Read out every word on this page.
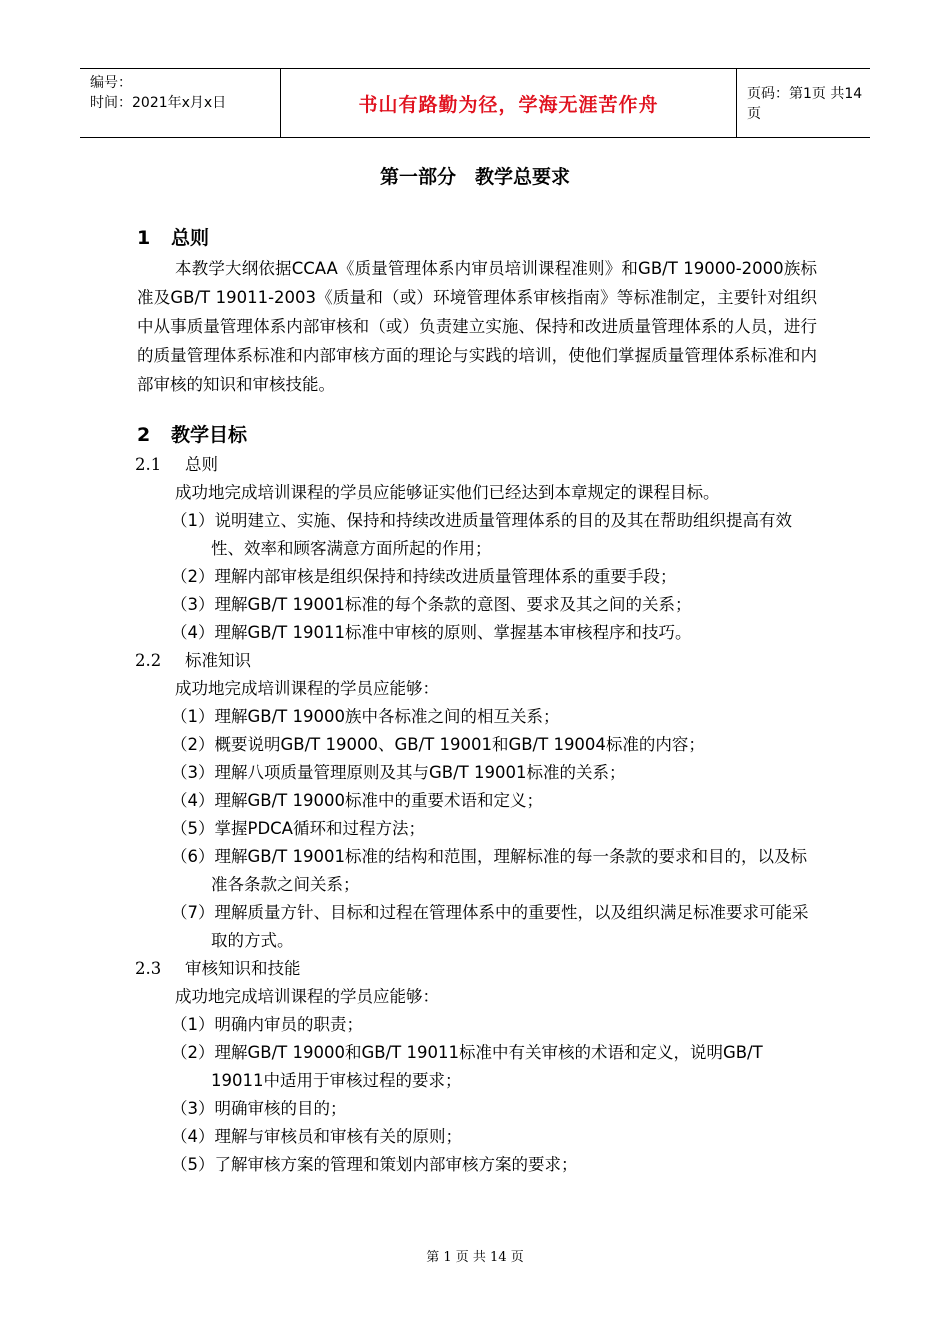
编号：
时间：2021年x月x日	书山有路勤为径，学海无涯苦作舟	页码：第1页 共14页
第一部分　教学总要求
1 总则
本教学大纲依据CCAA《质量管理体系内审员培训课程准则》和GB/T 19000-2000族标准及GB/T 19011-2003《质量和（或）环境管理体系审核指南》等标准制定，主要针对组织中从事质量管理体系内部审核和（或）负责建立实施、保持和改进质量管理体系的人员，进行的质量管理体系标准和内部审核方面的理论与实践的培训，使他们掌握质量管理体系标准和内部审核的知识和审核技能。
2 教学目标
2.1 总则
成功地完成培训课程的学员应能够证实他们已经达到本章规定的课程目标。
（1）说明建立、实施、保持和持续改进质量管理体系的目的及其在帮助组织提高有效性、效率和顾客满意方面所起的作用；
（2）理解内部审核是组织保持和持续改进质量管理体系的重要手段；
（3）理解GB/T 19001标准的每个条款的意图、要求及其之间的关系；
（4）理解GB/T 19011标准中审核的原则、掌握基本审核程序和技巧。
2.2 标准知识
成功地完成培训课程的学员应能够：
（1）理解GB/T 19000族中各标准之间的相互关系；
（2）概要说明GB/T 19000、GB/T 19001和GB/T 19004标准的内容；
（3）理解八项质量管理原则及其与GB/T 19001标准的关系；
（4）理解GB/T 19000标准中的重要术语和定义；
（5）掌握PDCA循环和过程方法；
（6）理解GB/T 19001标准的结构和范围，理解标准的每一条款的要求和目的，以及标准各条款之间关系；
（7）理解质量方针、目标和过程在管理体系中的重要性，以及组织满足标准要求可能采取的方式。
2.3 审核知识和技能
成功地完成培训课程的学员应能够：
（1）明确内审员的职责；
（2）理解GB/T 19000和GB/T 19011标准中有关审核的术语和定义，说明GB/T 19011中适用于审核过程的要求；
（3）明确审核的目的；
（4）理解与审核员和审核有关的原则；
（5）了解审核方案的管理和策划内部审核方案的要求；
第 1 页 共 14 页
